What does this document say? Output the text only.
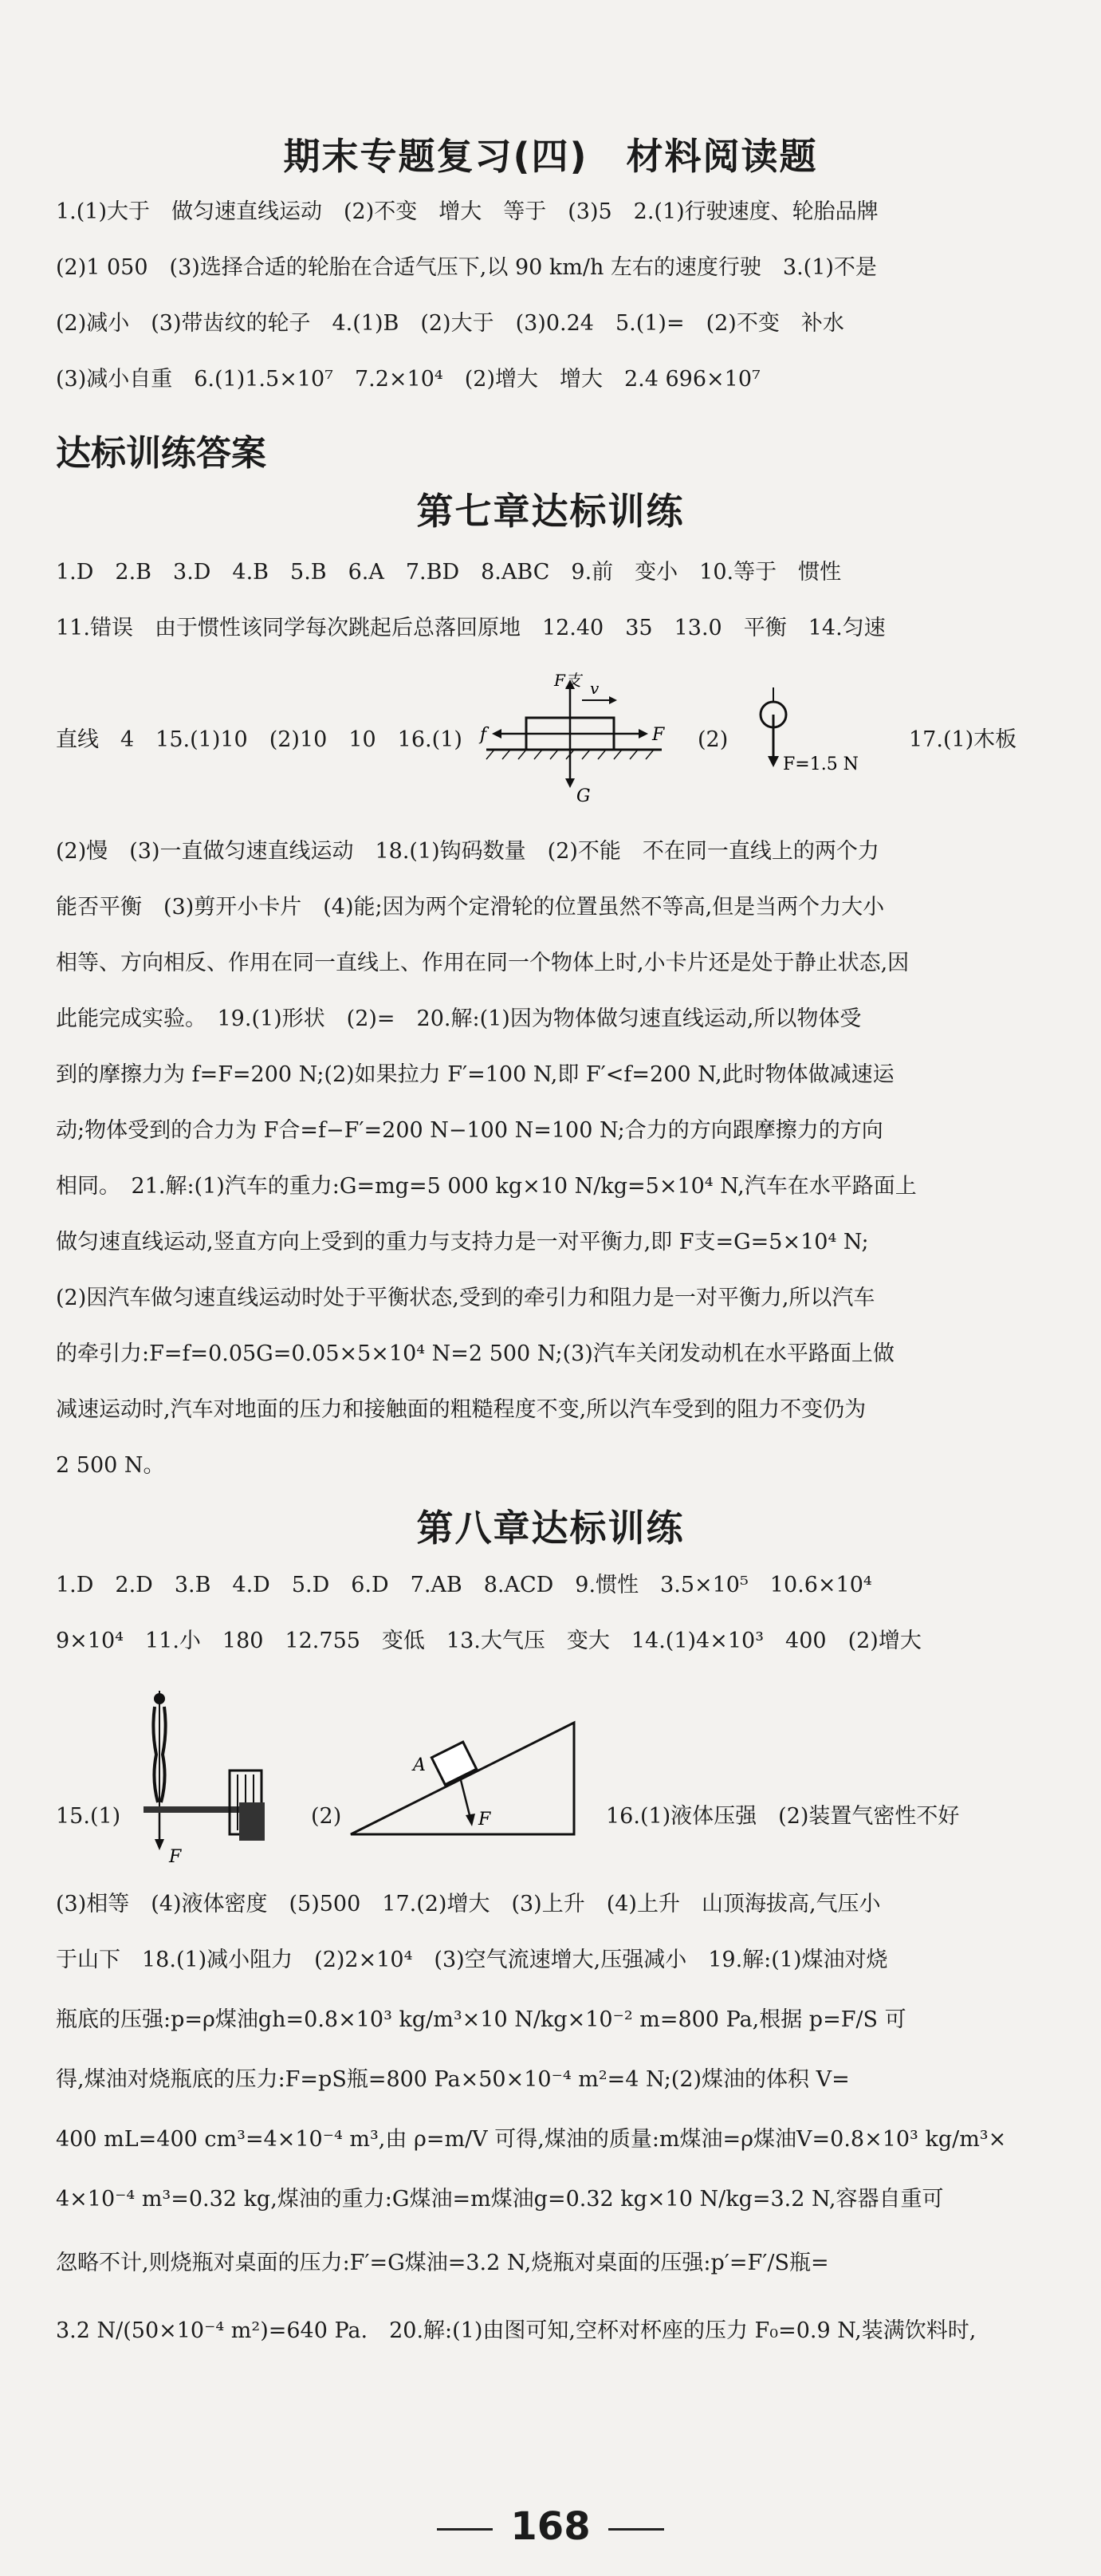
期末专题复习(四)　材料阅读题
1.(1)大于　做匀速直线运动　(2)不变　增大　等于　(3)5　2.(1)行驶速度、轮胎品牌
(2)1 050　(3)选择合适的轮胎在合适气压下,以 90 km/h 左右的速度行驶　3.(1)不是
(2)减小　(3)带齿纹的轮子　4.(1)B　(2)大于　(3)0.24　5.(1)=　(2)不变　补水
(3)减小自重　6.(1)1.5×10⁷　7.2×10⁴　(2)增大　增大　2.4 696×10⁷
达标训练答案
第七章达标训练
1.D　2.B　3.D　4.B　5.B　6.A　7.BD　8.ABC　9.前　变小　10.等于　惯性
11.错误　由于惯性该同学每次跳起后总落回原地　12.40　35　13.0　平衡　14.匀速
直线　4　15.(1)10　(2)10　10　16.(1)
F支 v
f	F
G
(2)
F=1.5 N
17.(1)木板
(2)慢　(3)一直做匀速直线运动　18.(1)钩码数量　(2)不能　不在同一直线上的两个力
能否平衡　(3)剪开小卡片　(4)能;因为两个定滑轮的位置虽然不等高,但是当两个力大小
相等、方向相反、作用在同一直线上、作用在同一个物体上时,小卡片还是处于静止状态,因
此能完成实验。　19.(1)形状　(2)=　20.解:(1)因为物体做匀速直线运动,所以物体受
到的摩擦力为 f=F=200 N;(2)如果拉力 F′=100 N,即 F′<f=200 N,此时物体做减速运
动;物体受到的合力为 F合=f−F′=200 N−100 N=100 N;合力的方向跟摩擦力的方向
相同。　21.解:(1)汽车的重力:G=mg=5 000 kg×10 N/kg=5×10⁴ N,汽车在水平路面上
做匀速直线运动,竖直方向上受到的重力与支持力是一对平衡力,即 F支=G=5×10⁴ N;
(2)因汽车做匀速直线运动时处于平衡状态,受到的牵引力和阻力是一对平衡力,所以汽车
的牵引力:F=f=0.05G=0.05×5×10⁴ N=2 500 N;(3)汽车关闭发动机在水平路面上做
减速运动时,汽车对地面的压力和接触面的粗糙程度不变,所以汽车受到的阻力不变仍为
2 500 N。
第八章达标训练
1.D　2.D　3.B　4.D　5.D　6.D　7.AB　8.ACD　9.惯性　3.5×10⁵　10.6×10⁴
9×10⁴　11.小　180　12.755　变低　13.大气压　变大　14.(1)4×10³　400　(2)增大
15.(1)
F
(2)
A
F	16.(1)液体压强　(2)装置气密性不好
(3)相等　(4)液体密度　(5)500　17.(2)增大　(3)上升　(4)上升　山顶海拔高,气压小
于山下　18.(1)减小阻力　(2)2×10⁴　(3)空气流速增大,压强减小　19.解:(1)煤油对烧
瓶底的压强:p=ρ煤油gh=0.8×10³ kg/m³×10 N/kg×10⁻² m=800 Pa,根据 p=F/S 可
得,煤油对烧瓶底的压力:F=pS瓶=800 Pa×50×10⁻⁴ m²=4 N;(2)煤油的体积 V=
400 mL=400 cm³=4×10⁻⁴ m³,由 ρ=m/V 可得,煤油的质量:m煤油=ρ煤油V=0.8×10³ kg/m³×
4×10⁻⁴ m³=0.32 kg,煤油的重力:G煤油=m煤油g=0.32 kg×10 N/kg=3.2 N,容器自重可
忽略不计,则烧瓶对桌面的压力:F′=G煤油=3.2 N,烧瓶对桌面的压强:p′=F′/S瓶=
3.2 N/(50×10⁻⁴ m²)=640 Pa.　20.解:(1)由图可知,空杯对杯座的压力 F₀=0.9 N,装满饮料时,
168
